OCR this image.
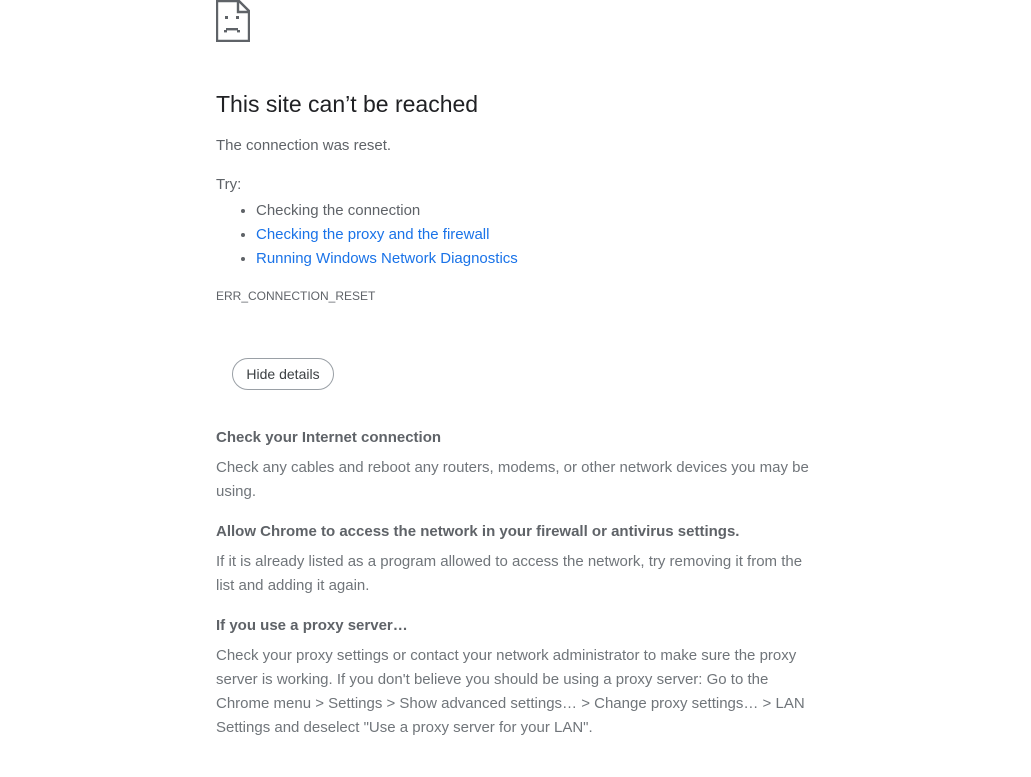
This site can’t be reached
The connection was reset.
Try:
• Checking the connection
• Checking the proxy and the firewall
• Running Windows Network Diagnostics
ERR_CONNECTION_RESET
Hide details
Check your Internet connection

Check any cables and reboot any routers, modems, or other network devices you may be using.

Allow Chrome to access the network in your firewall or antivirus settings.

If it is already listed as a program allowed to access the network, try removing it from the list and adding it again.

If you use a proxy server…

Check your proxy settings or contact your network administrator to make sure the proxy server is working. If you don't believe you should be using a proxy server: Go to the Chrome menu > Settings > Show advanced settings… > Change proxy settings… > LAN Settings and deselect "Use a proxy server for your LAN".
